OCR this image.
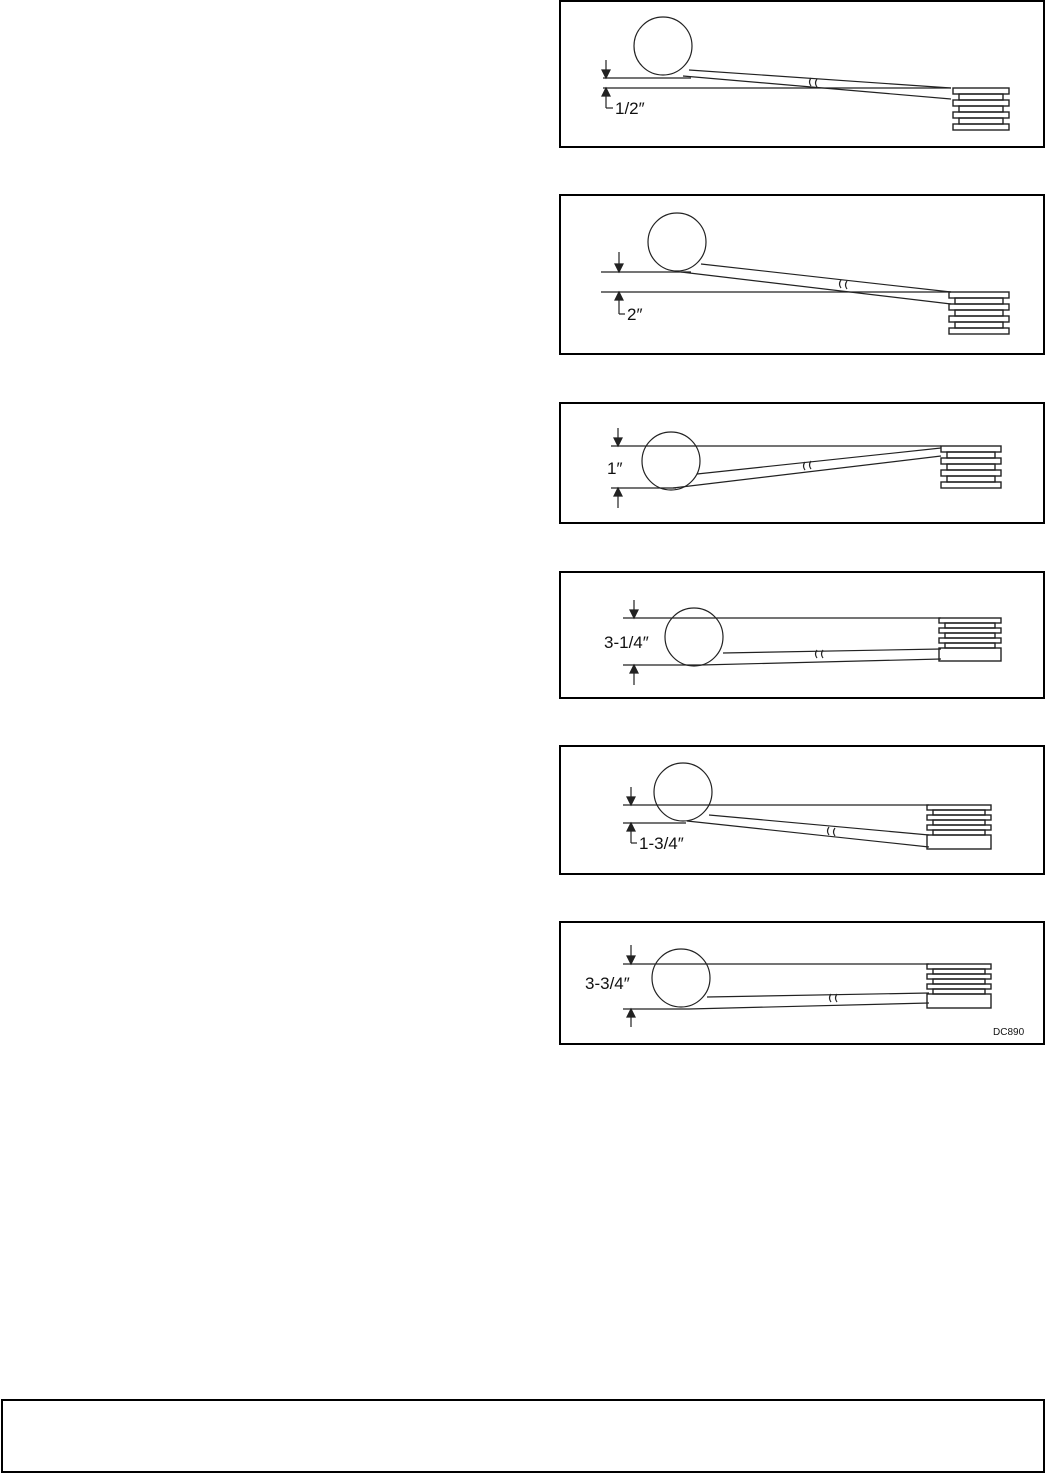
1/2″
2″
1″
3-1/4″
1-3/4″
3-3/4″
DC890
